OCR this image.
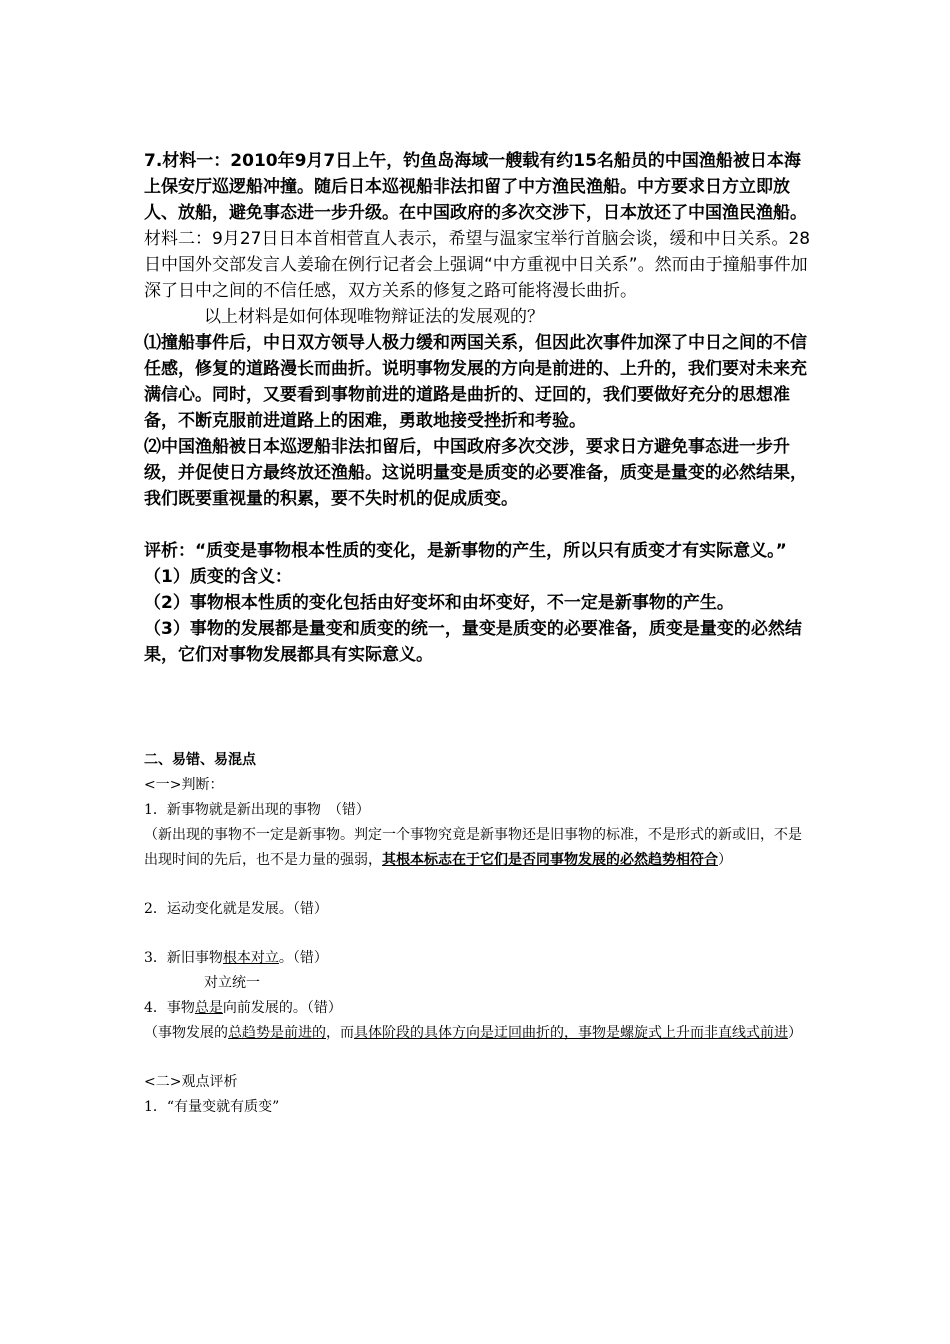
7.材料一：2010年9月7日上午，钓鱼岛海域一艘载有约15名船员的中国渔船被日本海上保安厅巡逻船冲撞。随后日本巡视船非法扣留了中方渔民渔船。中方要求日方立即放人、放船，避免事态进一步升级。在中国政府的多次交涉下，日本放还了中国渔民渔船。

材料二：9月27日日本首相菅直人表示，希望与温家宝举行首脑会谈，缓和中日关系。28日中国外交部发言人姜瑜在例行记者会上强调“中方重视中日关系”。然而由于撞船事件加深了日中之间的不信任感，双方关系的修复之路可能将漫长曲折。

以上材料是如何体现唯物辩证法的发展观的？

⑴撞船事件后，中日双方领导人极力缓和两国关系，但因此次事件加深了中日之间的不信任感，修复的道路漫长而曲折。说明事物发展的方向是前进的、上升的，我们要对未来充满信心。同时，又要看到事物前进的道路是曲折的、迂回的，我们要做好充分的思想准备，不断克服前进道路上的困难，勇敢地接受挫折和考验。

⑵中国渔船被日本巡逻船非法扣留后，中国政府多次交涉，要求日方避免事态进一步升级，并促使日方最终放还渔船。这说明量变是质变的必要准备，质变是量变的必然结果，我们既要重视量的积累，要不失时机的促成质变。

评析：“质变是事物根本性质的变化，是新事物的产生，所以只有质变才有实际意义。”

（1）质变的含义：

（2）事物根本性质的变化包括由好变坏和由坏变好，不一定是新事物的产生。

（3）事物的发展都是量变和质变的统一，量变是质变的必要准备，质变是量变的必然结果，它们对事物发展都具有实际意义。

二、易错、易混点

<一>判断：

1．新事物就是新出现的事物　（错）

（新出现的事物不一定是新事物。判定一个事物究竟是新事物还是旧事物的标准，不是形式的新或旧，不是出现时间的先后，也不是力量的强弱，其根本标志在于它们是否同事物发展的必然趋势相符合）

2．运动变化就是发展。（错）

3．新旧事物根本对立。（错）

对立统一

4．事物总是向前发展的。（错）

（事物发展的总趋势是前进的，而具体阶段的具体方向是迂回曲折的，事物是螺旋式上升而非直线式前进）

<二>观点评析

1．“有量变就有质变”
